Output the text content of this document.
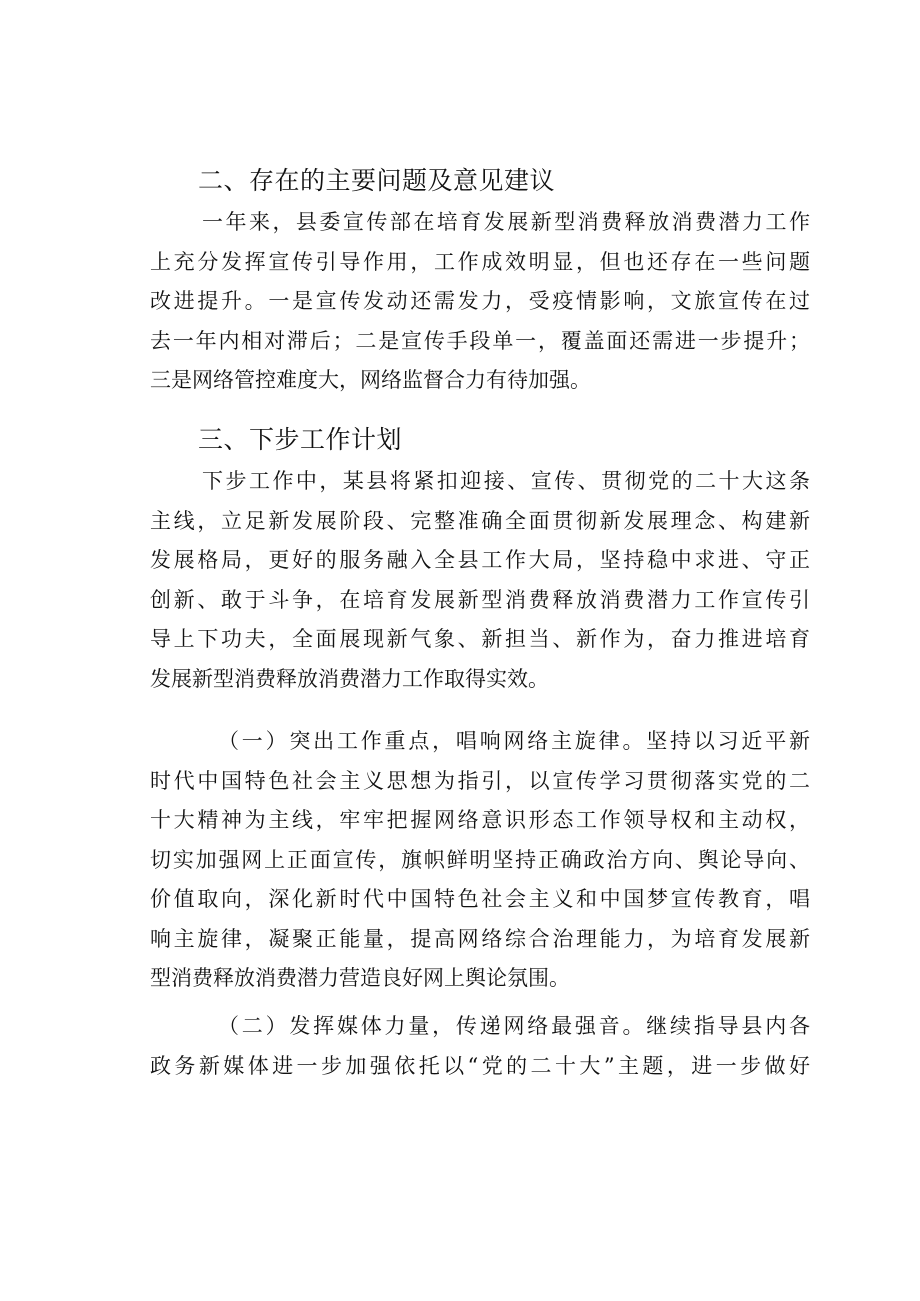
二、存在的主要问题及意见建议
一年来，县委宣传部在培育发展新型消费释放消费潜力工作
上充分发挥宣传引导作用，工作成效明显，但也还存在一些问题
改进提升。一是宣传发动还需发力，受疫情影响，文旅宣传在过
去一年内相对滞后；二是宣传手段单一，覆盖面还需进一步提升；
三是网络管控难度大，网络监督合力有待加强。
三、下步工作计划
下步工作中，某县将紧扣迎接、宣传、贯彻党的二十大这条
主线，立足新发展阶段、完整准确全面贯彻新发展理念、构建新
发展格局，更好的服务融入全县工作大局，坚持稳中求进、守正
创新、敢于斗争，在培育发展新型消费释放消费潜力工作宣传引
导上下功夫，全面展现新气象、新担当、新作为，奋力推进培育
发展新型消费释放消费潜力工作取得实效。
（一）突出工作重点，唱响网络主旋律。坚持以习近平新
时代中国特色社会主义思想为指引，以宣传学习贯彻落实党的二
十大精神为主线，牢牢把握网络意识形态工作领导权和主动权，
切实加强网上正面宣传，旗帜鲜明坚持正确政治方向、舆论导向、
价值取向，深化新时代中国特色社会主义和中国梦宣传教育，唱
响主旋律，凝聚正能量，提高网络综合治理能力，为培育发展新
型消费释放消费潜力营造良好网上舆论氛围。
（二）发挥媒体力量，传递网络最强音。继续指导县内各
政务新媒体进一步加强依托以“党的二十大”主题，进一步做好
